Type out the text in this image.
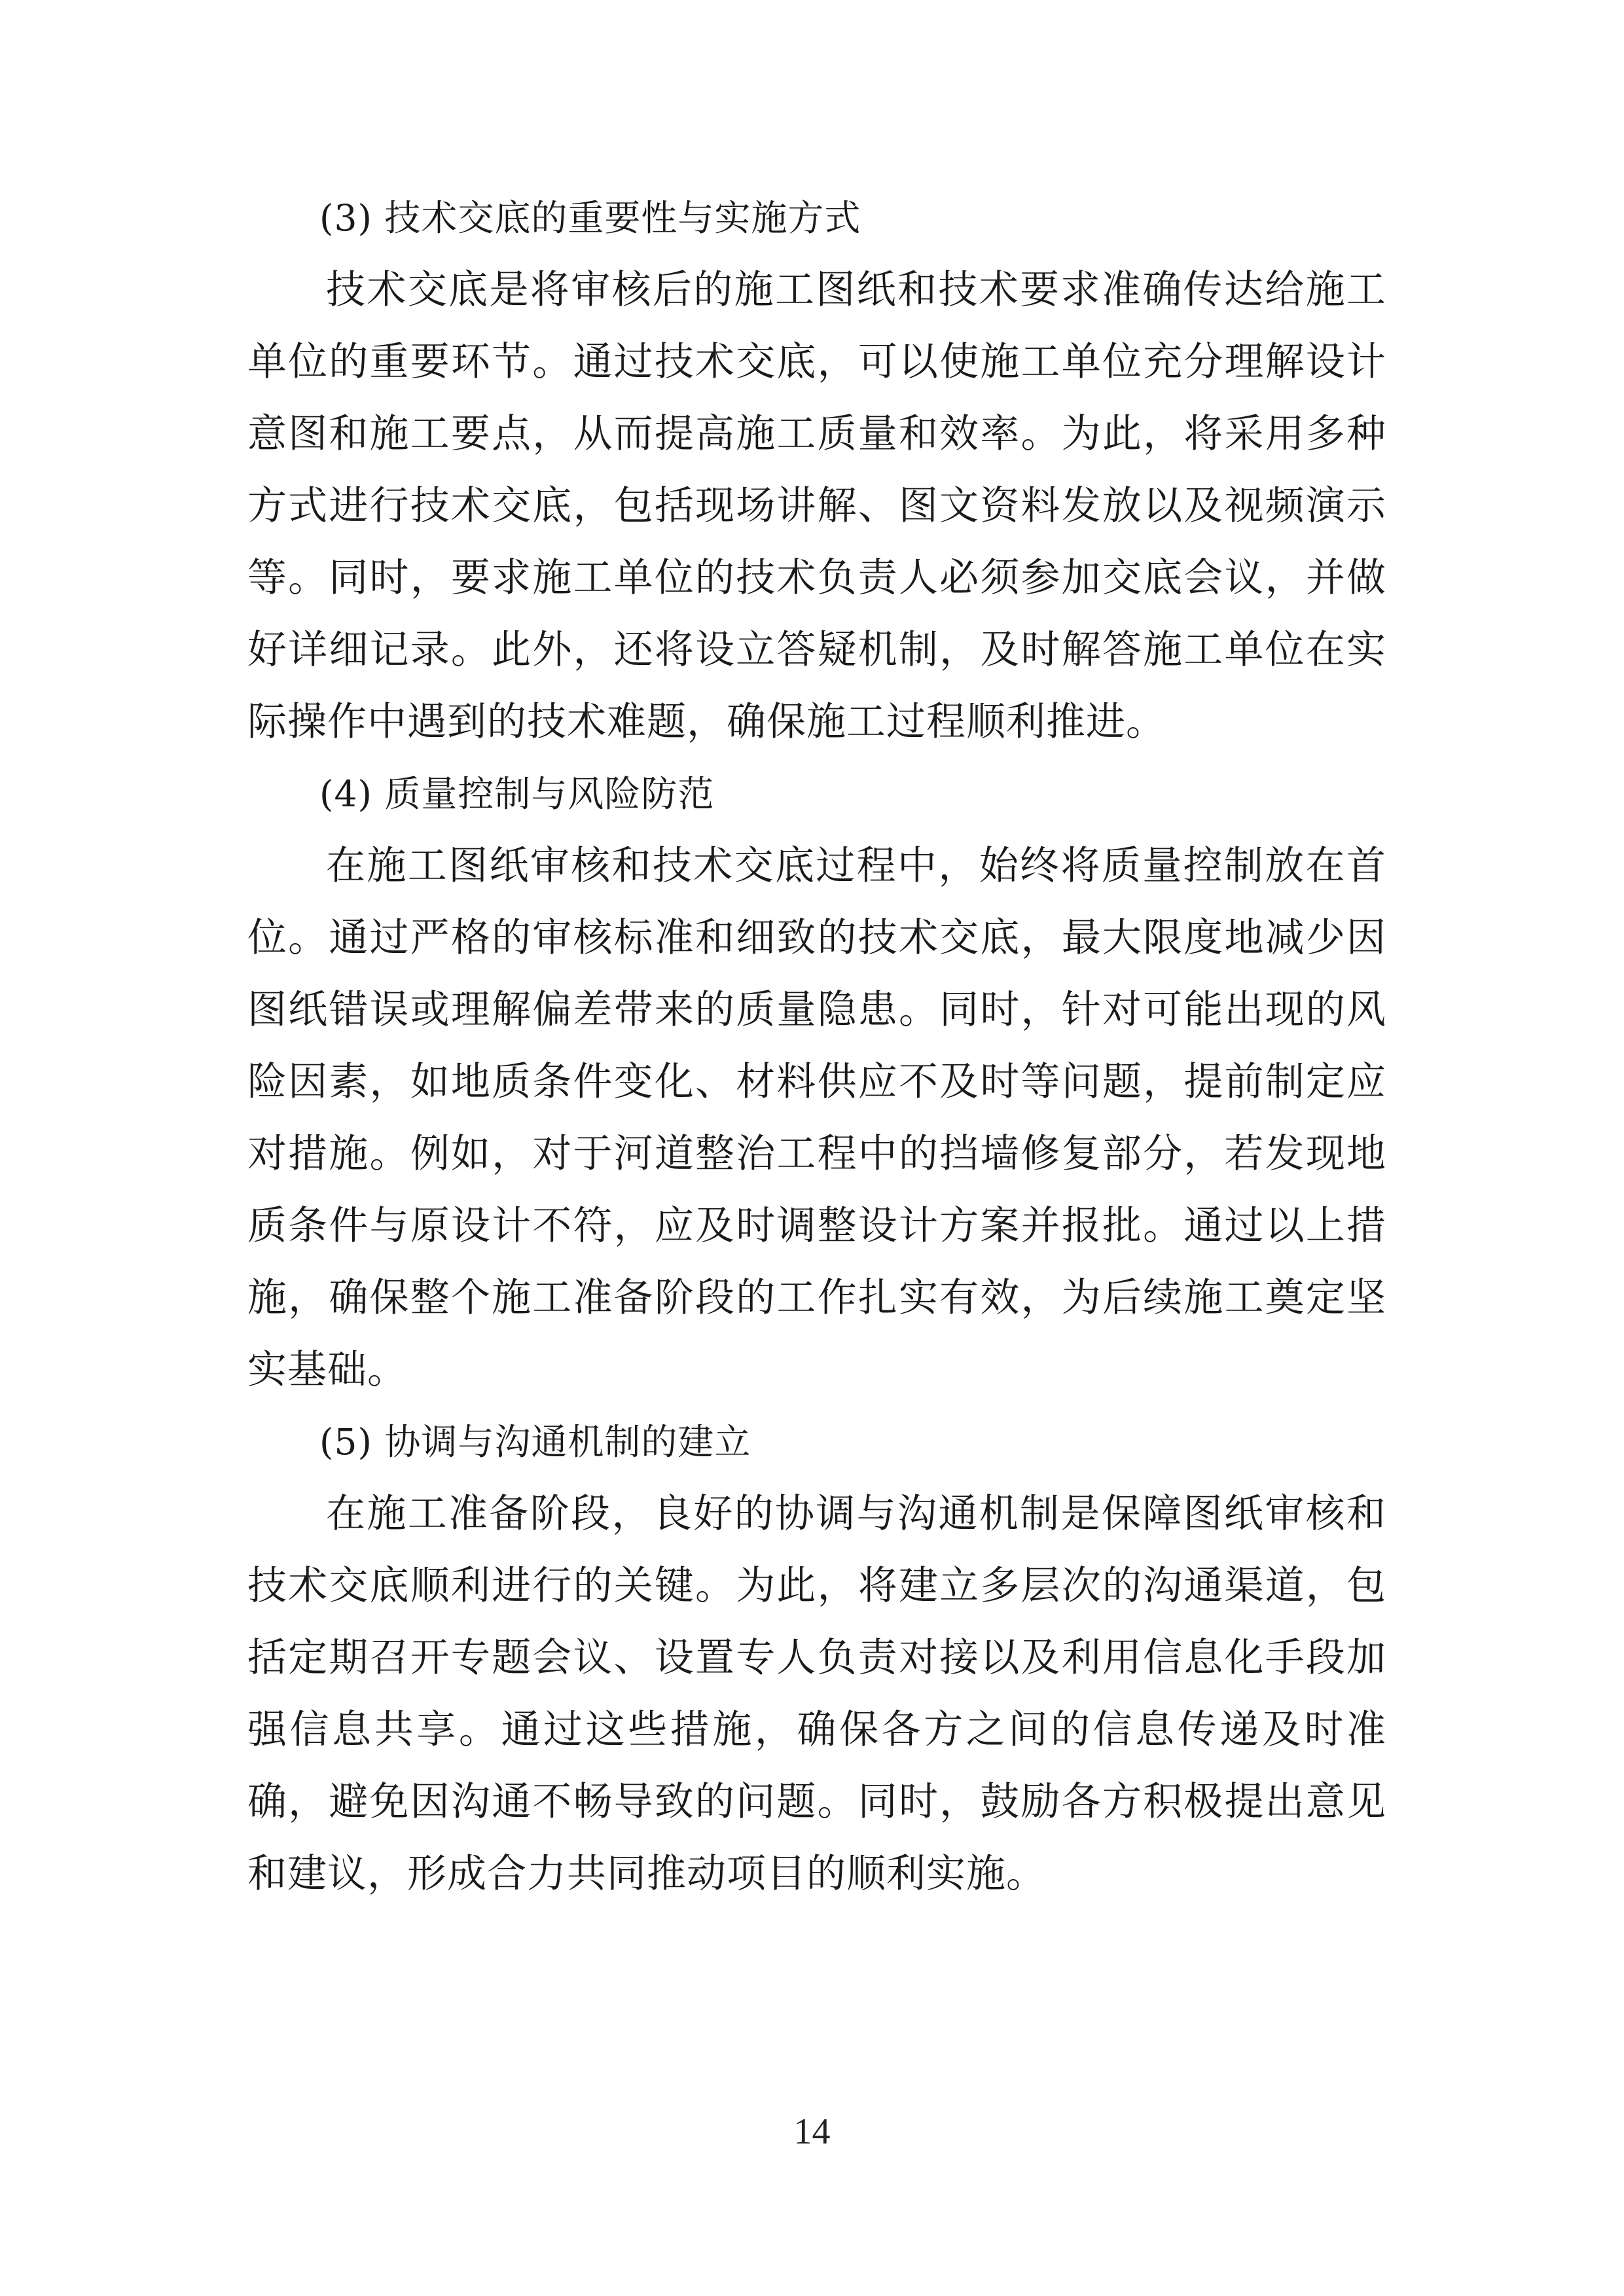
(3) 技术交底的重要性与实施方式

技术交底是将审核后的施工图纸和技术要求准确传达给施工单位的重要环节。通过技术交底，可以使施工单位充分理解设计意图和施工要点，从而提高施工质量和效率。为此，将采用多种方式进行技术交底，包括现场讲解、图文资料发放以及视频演示等。同时，要求施工单位的技术负责人必须参加交底会议，并做好详细记录。此外，还将设立答疑机制，及时解答施工单位在实际操作中遇到的技术难题，确保施工过程顺利推进。

(4) 质量控制与风险防范

在施工图纸审核和技术交底过程中，始终将质量控制放在首位。通过严格的审核标准和细致的技术交底，最大限度地减少因图纸错误或理解偏差带来的质量隐患。同时，针对可能出现的风险因素，如地质条件变化、材料供应不及时等问题，提前制定应对措施。例如，对于河道整治工程中的挡墙修复部分，若发现地质条件与原设计不符，应及时调整设计方案并报批。通过以上措施，确保整个施工准备阶段的工作扎实有效，为后续施工奠定坚实基础。

(5) 协调与沟通机制的建立

在施工准备阶段，良好的协调与沟通机制是保障图纸审核和技术交底顺利进行的关键。为此，将建立多层次的沟通渠道，包括定期召开专题会议、设置专人负责对接以及利用信息化手段加强信息共享。通过这些措施，确保各方之间的信息传递及时准确，避免因沟通不畅导致的问题。同时，鼓励各方积极提出意见和建议，形成合力共同推动项目的顺利实施。

14
